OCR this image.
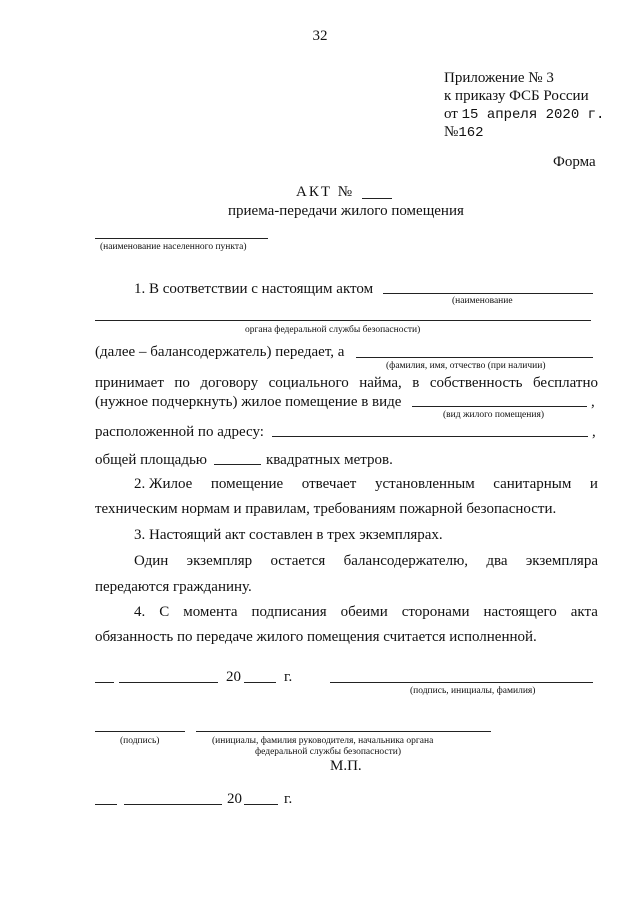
32
Приложение № 3
к приказу ФСБ России
от 15 апреля 2020 г.
№162
Форма
АКТ №
приема-передачи жилого помещения
(наименование населенного пункта)
1. В соответствии с настоящим актом
(наименование
органа федеральной службы безопасности)
(далее – балансодержатель) передает, а
(фамилия, имя, отчество (при наличии)
принимает по договору социального найма, в собственность бесплатно
(нужное подчеркнуть) жилое помещение в виде	,
(вид жилого помещения)
расположенной по адресу:	,
общей площадью	квадратных метров.
2. Жилое помещение отвечает установленным санитарным и
техническим нормам и правилам, требованиям пожарной безопасности.
3. Настоящий акт составлен в трех экземплярах.
Один экземпляр остается балансодержателю, два экземпляра
передаются гражданину.
4. С момента подписания обеими сторонами настоящего акта
обязанность по передаче жилого помещения считается исполненной.
20	г.
(подпись, инициалы, фамилия)
(подпись)	(инициалы, фамилия руководителя, начальника органа
федеральной службы безопасности)
М.П.
20	г.
